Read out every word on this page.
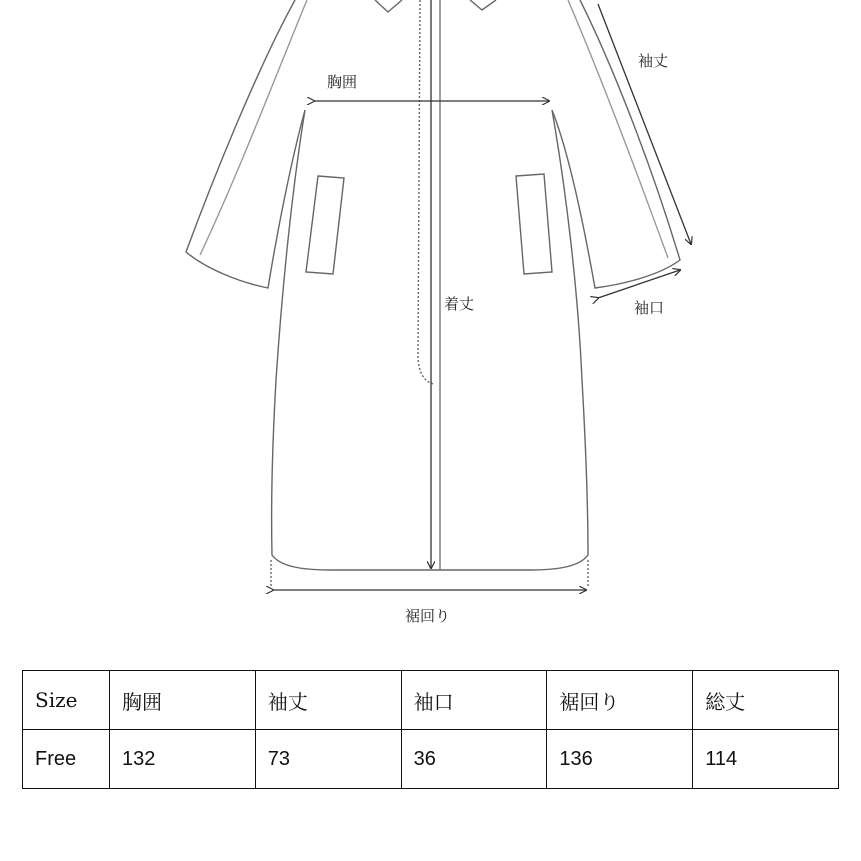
胸囲
袖丈
着丈	袖口
裾回り
Size	胸囲	袖丈	袖口	裾回り	総丈
Free	132	73	36	136	114
